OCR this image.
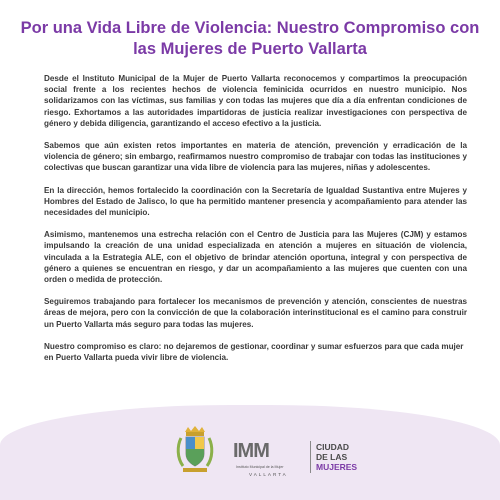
Por una Vida Libre de Violencia: Nuestro Compromiso con las Mujeres de Puerto Vallarta

Desde el Instituto Municipal de la Mujer de Puerto Vallarta reconocemos y compartimos la preocupación social frente a los recientes hechos de violencia feminicida ocurridos en nuestro municipio. Nos solidarizamos con las víctimas, sus familias y con todas las mujeres que día a día enfrentan condiciones de riesgo. Exhortamos a las autoridades impartidoras de justicia realizar investigaciones con perspectiva de género y debida diligencia, garantizando el acceso efectivo a la justicia.

Sabemos que aún existen retos importantes en materia de atención, prevención y erradicación de la violencia de género; sin embargo, reafirmamos nuestro compromiso de trabajar con todas las instituciones y colectivas que buscan garantizar una vida libre de violencia para las mujeres, niñas y adolescentes.

En la dirección, hemos fortalecido la coordinación con la Secretaría de Igualdad Sustantiva entre Mujeres y Hombres del Estado de Jalisco, lo que ha permitido mantener presencia y acompañamiento para atender las necesidades del municipio.

Asimismo, mantenemos una estrecha relación con el Centro de Justicia para las Mujeres (CJM) y estamos impulsando la creación de una unidad especializada en atención a mujeres en situación de violencia, vinculada a la Estrategia ALE, con el objetivo de brindar atención oportuna, integral y con perspectiva de género a quienes se encuentran en riesgo, y dar un acompañamiento a las mujeres que cuenten con una orden o medida de protección.

Seguiremos trabajando para fortalecer los mecanismos de prevención y atención, conscientes de nuestras áreas de mejora, pero con la convicción de que la colaboración interinstitucional es el camino para construir un Puerto Vallarta más seguro para todas las mujeres.

Nuestro compromiso es claro: no dejaremos de gestionar, coordinar y sumar esfuerzos para que cada mujer en Puerto Vallarta pueda vivir libre de violencia.

IMM
Instituto Municipal de la Mujer
VALLARTA
CIUDAD
DE LAS
MUJERES
